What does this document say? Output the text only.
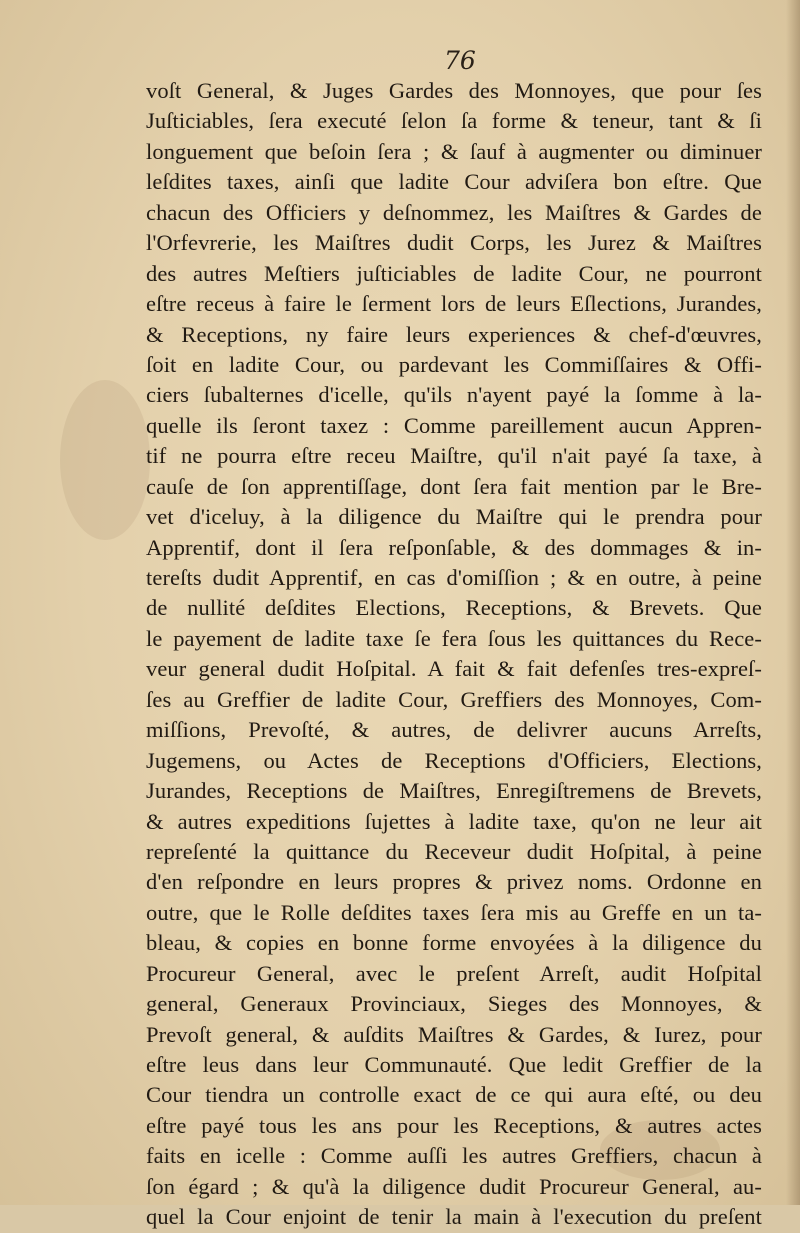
76

voſt General, & Juges Gardes des Monnoyes, que pour ſes
Juſticiables, ſera executé ſelon ſa forme & teneur, tant & ſi
longuement que beſoin ſera ; & ſauf à augmenter ou diminuer
leſdites taxes, ainſi que ladite Cour adviſera bon eſtre. Que
chacun des Officiers y deſnommez, les Maiſtres & Gardes de
l'Orfevrerie, les Maiſtres dudit Corps, les Jurez & Maiſtres
des autres Meſtiers juſticiables de ladite Cour, ne pourront
eſtre receus à faire le ſerment lors de leurs Eſlections, Jurandes,
& Receptions, ny faire leurs experiences & chef-d'œuvres,
ſoit en ladite Cour, ou pardevant les Commiſſaires & Offi-
ciers ſubalternes d'icelle, qu'ils n'ayent payé la ſomme à la-
quelle ils ſeront taxez : Comme pareillement aucun Appren-
tif ne pourra eſtre receu Maiſtre, qu'il n'ait payé ſa taxe, à
cauſe de ſon apprentiſſage, dont ſera fait mention par le Bre-
vet d'iceluy, à la diligence du Maiſtre qui le prendra pour
Apprentif, dont il ſera reſponſable, & des dommages & in-
tereſts dudit Apprentif, en cas d'omiſſion ; & en outre, à peine
de nullité deſdites Elections, Receptions, & Brevets. Que
le payement de ladite taxe ſe fera ſous les quittances du Rece-
veur general dudit Hoſpital. A fait & fait defenſes tres-expreſ-
ſes au Greffier de ladite Cour, Greffiers des Monnoyes, Com-
miſſions, Prevoſté, & autres, de delivrer aucuns Arreſts,
Jugemens, ou Actes de Receptions d'Officiers, Elections,
Jurandes, Receptions de Maiſtres, Enregiſtremens de Brevets,
& autres expeditions ſujettes à ladite taxe, qu'on ne leur ait
repreſenté la quittance du Receveur dudit Hoſpital, à peine
d'en reſpondre en leurs propres & privez noms. Ordonne en
outre, que le Rolle deſdites taxes ſera mis au Greffe en un ta-
bleau, & copies en bonne forme envoyées à la diligence du
Procureur General, avec le preſent Arreſt, audit Hoſpital
general, Generaux Provinciaux, Sieges des Monnoyes, &
Prevoſt general, & auſdits Maiſtres & Gardes, & Iurez, pour
eſtre leus dans leur Communauté. Que ledit Greffier de la
Cour tiendra un controlle exact de ce qui aura eſté, ou deu
eſtre payé tous les ans pour les Receptions, & autres actes
faits en icelle : Comme auſſi les autres Greffiers, chacun à
ſon égard ; & qu'à la diligence dudit Procureur General, au-
quel la Cour enjoint de tenir la main à l'execution du preſent
